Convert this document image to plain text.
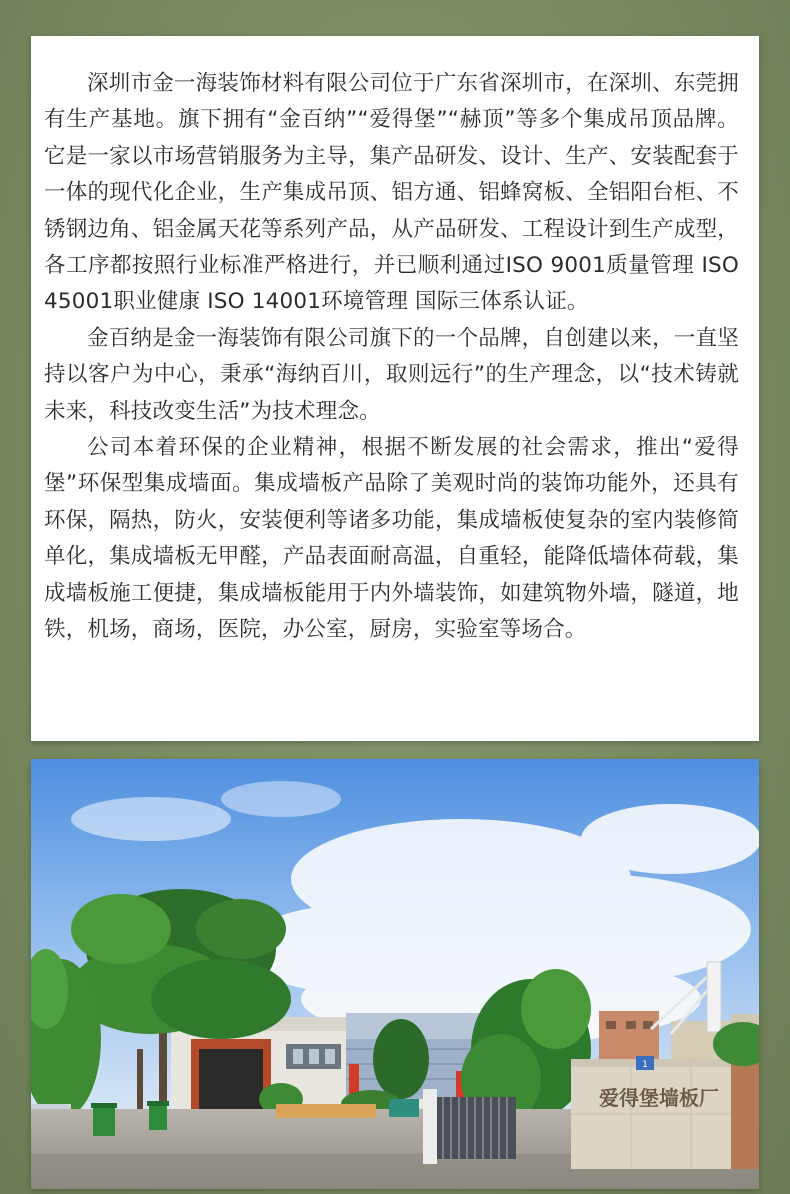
深圳市金一海装饰材料有限公司位于广东省深圳市，在深圳、东莞拥有生产基地。旗下拥有“金百纳”“爱得堡”“赫顶”等多个集成吊顶品牌。它是一家以市场营销服务为主导，集产品研发、设计、生产、安装配套于一体的现代化企业，生产集成吊顶、铝方通、铝蜂窝板、全铝阳台柜、不锈钢边角、铝金属天花等系列产品，从产品研发、工程设计到生产成型，各工序都按照行业标准严格进行，并已顺利通过ISO 9001质量管理 ISO 45001职业健康 ISO 14001环境管理 国际三体系认证。

金百纳是金一海装饰有限公司旗下的一个品牌，自创建以来，一直坚持以客户为中心，秉承“海纳百川，取则远行”的生产理念，以“技术铸就未来，科技改变生活”为技术理念。

公司本着环保的企业精神，根据不断发展的社会需求，推出“爱得堡”环保型集成墙面。集成墙板产品除了美观时尚的装饰功能外，还具有环保，隔热，防火，安装便利等诸多功能，集成墙板使复杂的室内装修简单化，集成墙板无甲醛，产品表面耐高温，自重轻，能降低墙体荷载，集成墙板施工便捷，集成墙板能用于内外墙装饰，如建筑物外墙，隧道，地铁，机场，商场，医院，办公室，厨房，实验室等场合。

爱得堡墙板厂
1
